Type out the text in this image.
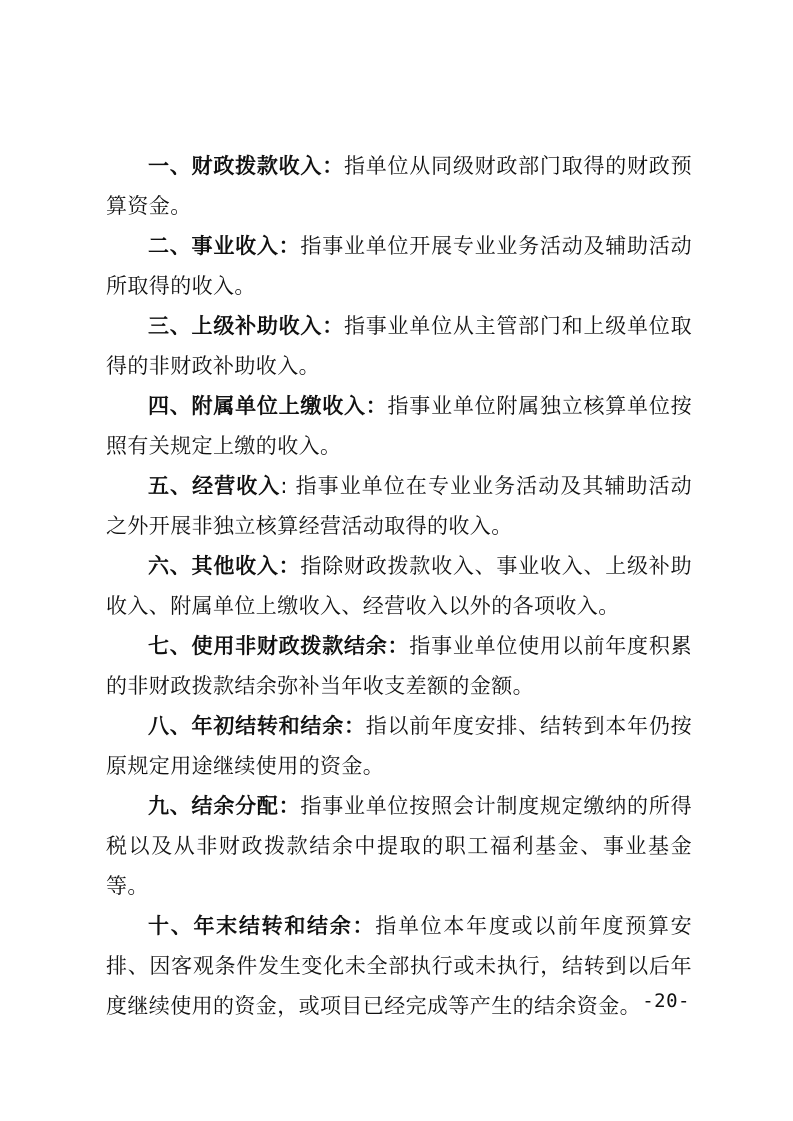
一、财政拨款收入：指单位从同级财政部门取得的财政预算资金。

二、事业收入：指事业单位开展专业业务活动及辅助活动所取得的收入。

三、上级补助收入：指事业单位从主管部门和上级单位取得的非财政补助收入。

四、附属单位上缴收入：指事业单位附属独立核算单位按照有关规定上缴的收入。

五、经营收入: 指事业单位在专业业务活动及其辅助活动之外开展非独立核算经营活动取得的收入。

六、其他收入：指除财政拨款收入、事业收入、上级补助收入、附属单位上缴收入、经营收入以外的各项收入。

七、使用非财政拨款结余：指事业单位使用以前年度积累的非财政拨款结余弥补当年收支差额的金额。

八、年初结转和结余：指以前年度安排、结转到本年仍按原规定用途继续使用的资金。

九、结余分配：指事业单位按照会计制度规定缴纳的所得税以及从非财政拨款结余中提取的职工福利基金、事业基金等。

十、年末结转和结余：指单位本年度或以前年度预算安排、因客观条件发生变化未全部执行或未执行，结转到以后年度继续使用的资金，或项目已经完成等产生的结余资金。 -20-
